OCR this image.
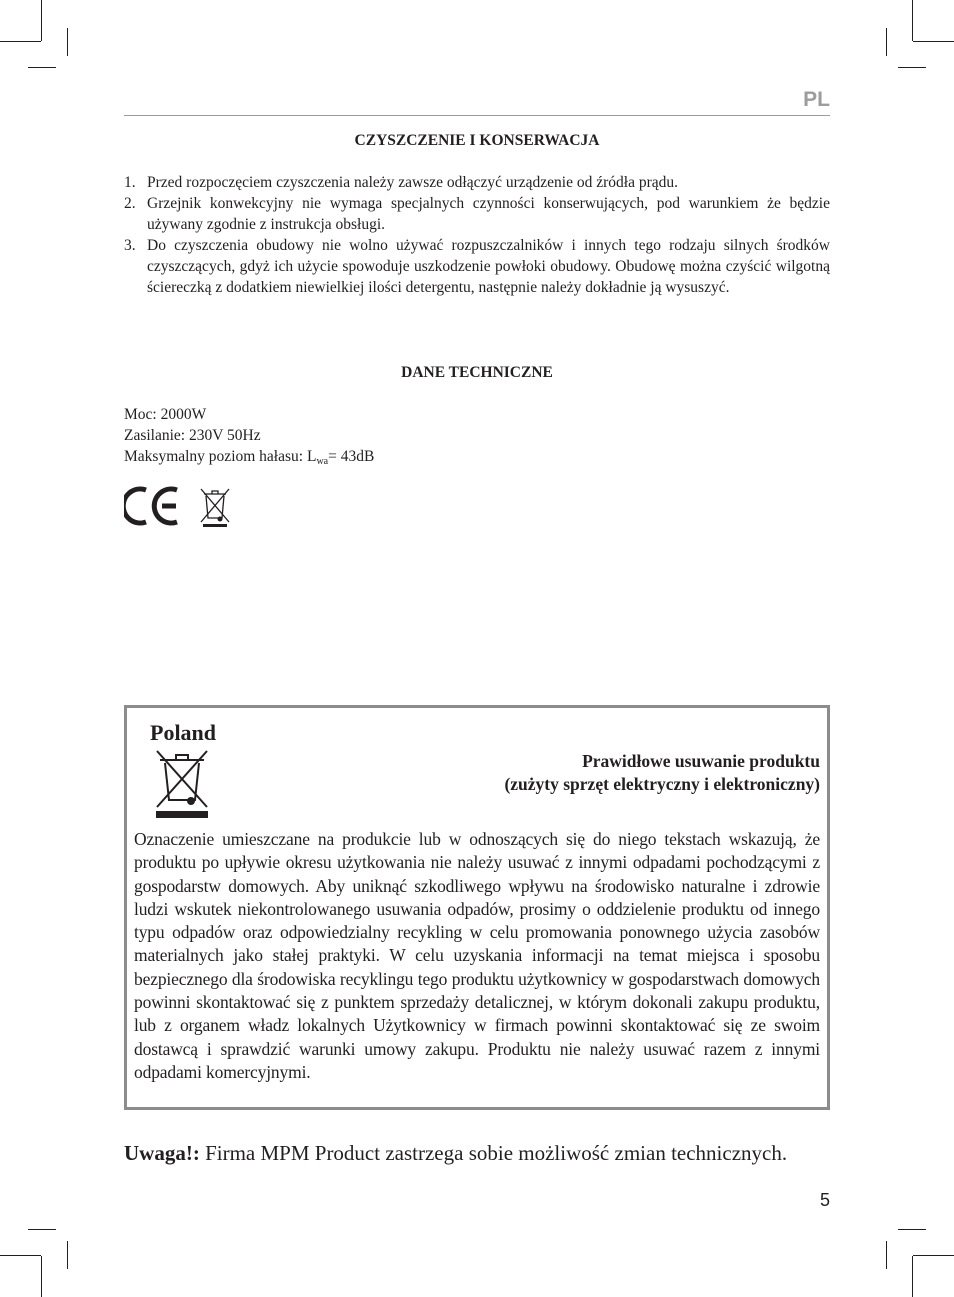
PL
CZYSZCZENIE I KONSERWACJA
1. Przed rozpoczęciem czyszczenia należy zawsze odłączyć urządzenie od źródła prądu.
2. Grzejnik konwekcyjny nie wymaga specjalnych czynności konserwujących, pod warunkiem że będzie używany zgodnie z instrukcja obsługi.
3. Do czyszczenia obudowy nie wolno używać rozpuszczalników i innych tego rodzaju silnych środków czyszczących, gdyż ich użycie spowoduje uszkodzenie powłoki obudowy. Obudowę można czyścić wilgotną ściereczką z dodatkiem niewielkiej ilości detergentu, następnie należy dokładnie ją wysuszyć.
DANE TECHNICZNE
Moc: 2000W
Zasilanie: 230V 50Hz
Maksymalny poziom hałasu: $L_{wa}= 43dB$
Poland
Prawidłowe usuwanie produktu
(zużyty sprzęt elektryczny i elektroniczny)
Oznaczenie umieszczane na produkcie lub w odnoszących się do niego tekstach wskazują, że produktu po upływie okresu użytkowania nie należy usuwać z innymi odpadami pochodzącymi z gospodarstw domowych. Aby uniknąć szkodliwego wpływu na środowisko naturalne i zdrowie ludzi wskutek niekontrolowanego usuwania odpadów, prosimy o oddzielenie produktu od innego typu odpadów oraz odpowiedzialny recykling w celu promowania ponownego użycia zasobów materialnych jako stałej praktyki. W celu uzyskania informacji na temat miejsca i sposobu bezpiecznego dla środowiska recyklingu tego produktu użytkownicy w gospodarstwach domowych powinni skontaktować się z punktem sprzedaży detalicznej, w którym dokonali zakupu produktu, lub z organem władz lokalnych Użytkownicy w firmach powinni skontaktować się ze swoim dostawcą i sprawdzić warunki umowy zakupu. Produktu nie należy usuwać razem z innymi odpadami komercyjnymi.
Uwaga!: Firma MPM Product zastrzega sobie możliwość zmian technicznych.
5
